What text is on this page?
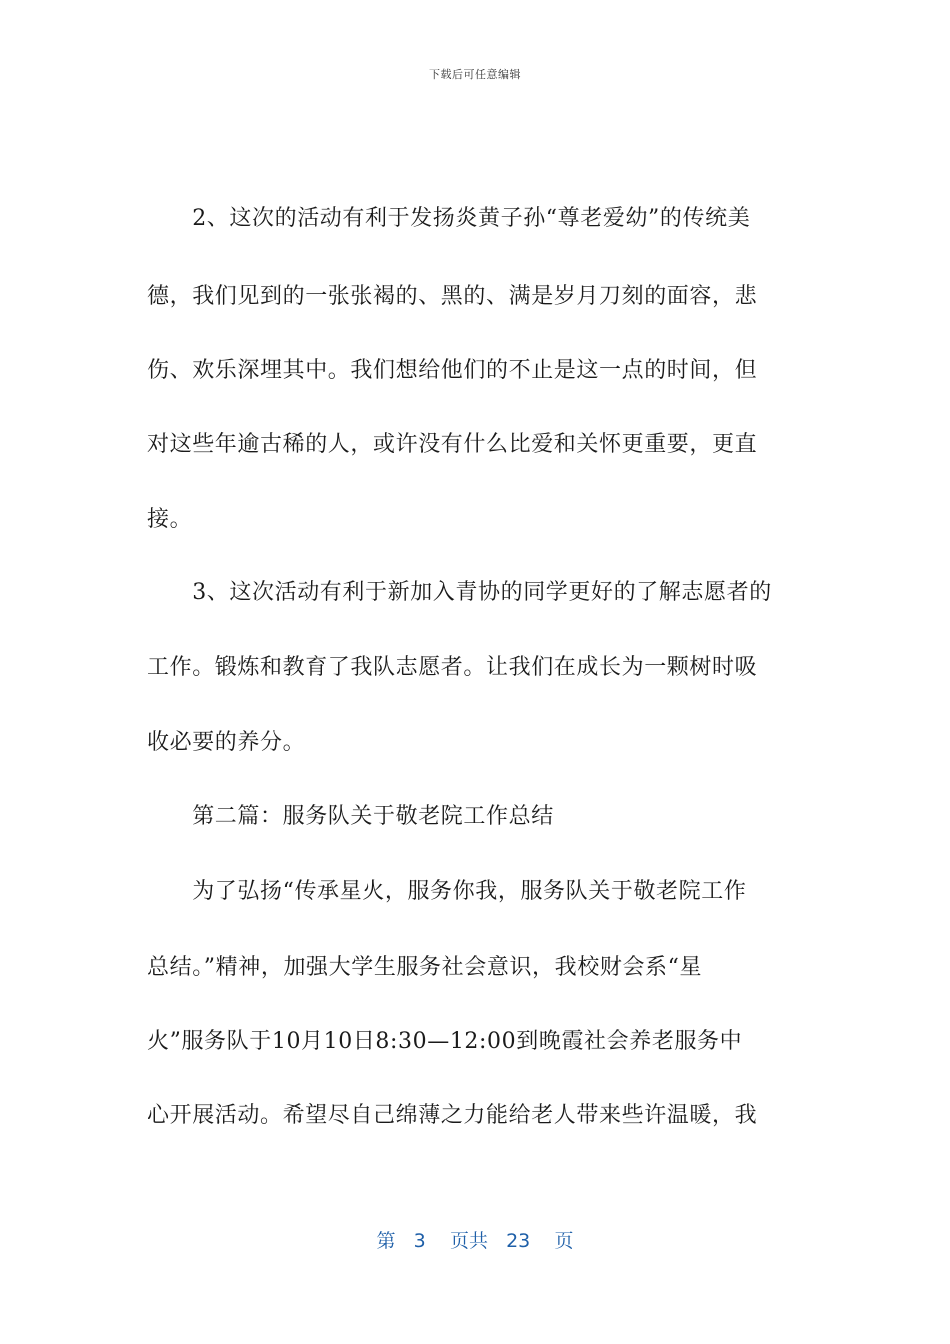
下载后可任意编辑
　　2、这次的活动有利于发扬炎黄子孙“尊老爱幼”的传统美
德，我们见到的一张张褐的、黑的、满是岁月刀刻的面容，悲
伤、欢乐深埋其中。我们想给他们的不止是这一点的时间，但
对这些年逾古稀的人，或许没有什么比爱和关怀更重要，更直
接。
　　3、这次活动有利于新加入青协的同学更好的了解志愿者的
工作。锻炼和教育了我队志愿者。让我们在成长为一颗树时吸
收必要的养分。
　　第二篇：服务队关于敬老院工作总结
　　为了弘扬“传承星火，服务你我，服务队关于敬老院工作
总结。”精神，加强大学生服务社会意识，我校财会系“星
火”服务队于10月10日8:30—12:00到晚霞社会养老服务中
心开展活动。希望尽自己绵薄之力能给老人带来些许温暖，我
第 3 页共 23 页
